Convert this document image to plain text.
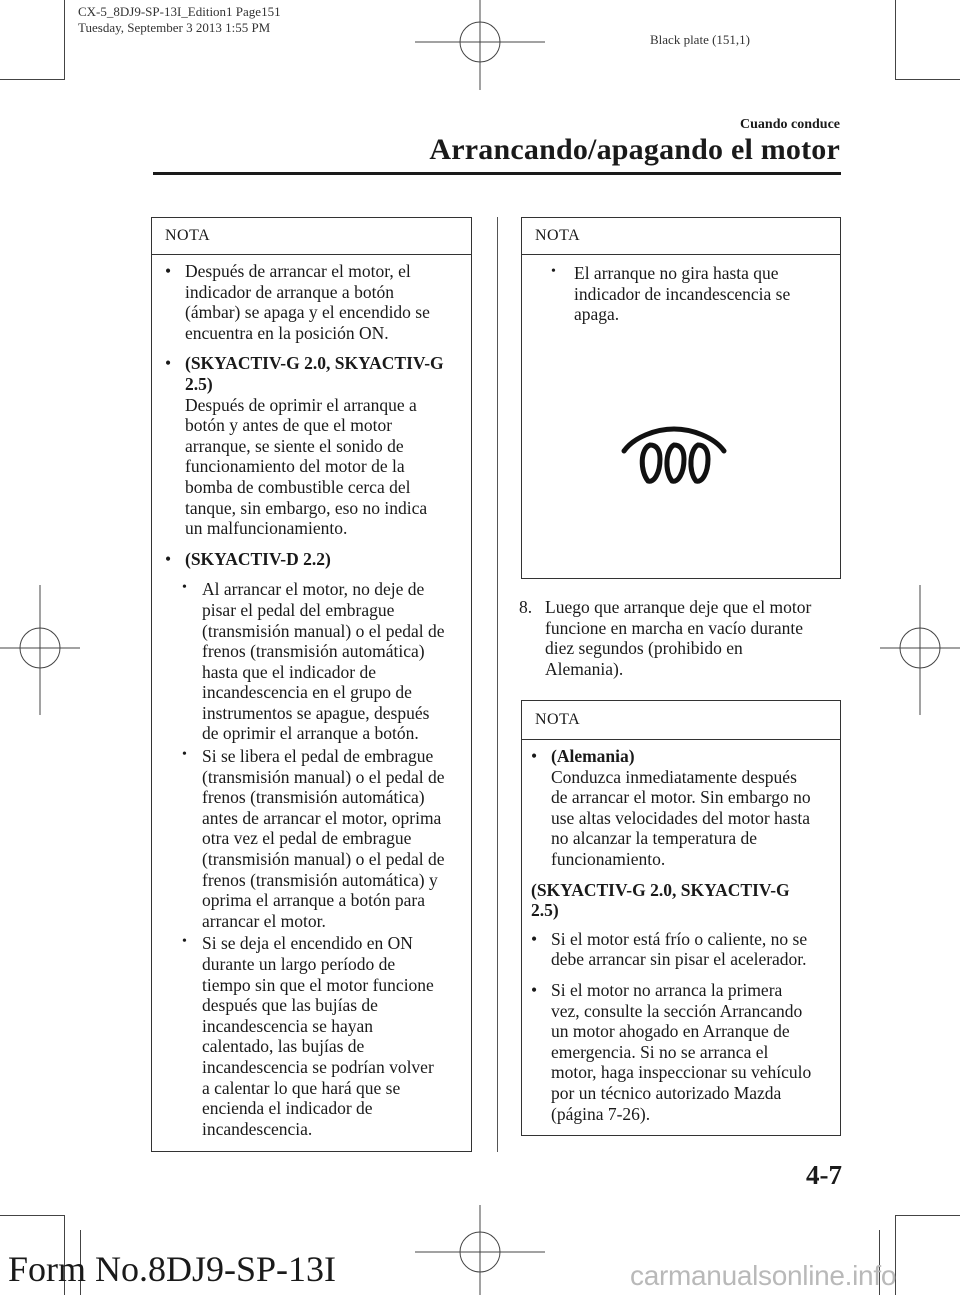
CX-5_8DJ9-SP-13I_Edition1 Page151
Tuesday, September 3 2013 1:55 PM
Black plate (151,1)
Cuando conduce
Arrancando/apagando el motor
NOTA
• Después de arrancar el motor, el
indicador de arranque a botón
(ámbar) se apaga y el encendido se
encuentra en la posición ON.
• (SKYACTIV-G 2.0, SKYACTIV-G
2.5)
Después de oprimir el arranque a
botón y antes de que el motor
arranque, se siente el sonido de
funcionamiento del motor de la
bomba de combustible cerca del
tanque, sin embargo, eso no indica
un malfuncionamiento.
• (SKYACTIV-D 2.2)
• Al arrancar el motor, no deje de
pisar el pedal del embrague
(transmisión manual) o el pedal de
frenos (transmisión automática)
hasta que el indicador de
incandescencia en el grupo de
instrumentos se apague, después
de oprimir el arranque a botón.
• Si se libera el pedal de embrague
(transmisión manual) o el pedal de
frenos (transmisión automática)
antes de arrancar el motor, oprima
otra vez el pedal de embrague
(transmisión manual) o el pedal de
frenos (transmisión automática) y
oprima el arranque a botón para
arrancar el motor.
• Si se deja el encendido en ON
durante un largo período de
tiempo sin que el motor funcione
después que las bujías de
incandescencia se hayan
calentado, las bujías de
incandescencia se podrían volver
a calentar lo que hará que se
encienda el indicador de
incandescencia.
NOTA
• El arranque no gira hasta que
indicador de incandescencia se
apaga.
8. Luego que arranque deje que el motor
funcione en marcha en vacío durante
diez segundos (prohibido en
Alemania).
NOTA
• (Alemania)
Conduzca inmediatamente después
de arrancar el motor. Sin embargo no
use altas velocidades del motor hasta
no alcanzar la temperatura de
funcionamiento.
(SKYACTIV-G 2.0, SKYACTIV-G
2.5)
• Si el motor está frío o caliente, no se
debe arrancar sin pisar el acelerador.
• Si el motor no arranca la primera
vez, consulte la sección Arrancando
un motor ahogado en Arranque de
emergencia. Si no se arranca el
motor, haga inspeccionar su vehículo
por un técnico autorizado Mazda
(página 7-26).
4-7
Form No.8DJ9-SP-13I	carmanualsonline.info
